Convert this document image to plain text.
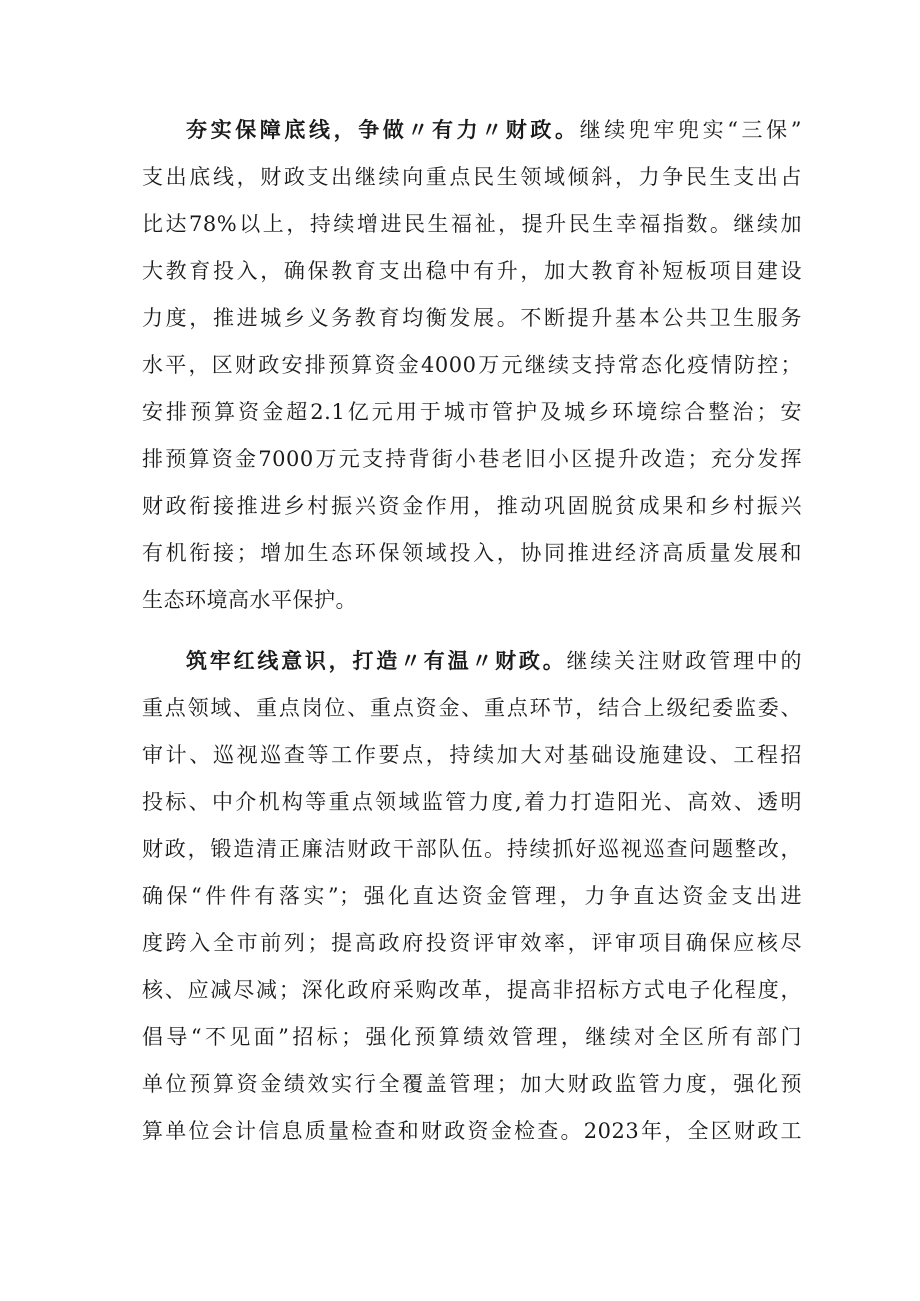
夯实保障底线，争做〃有力〃财政。继续兜牢兜实“三保”
支出底线，财政支出继续向重点民生领域倾斜，力争民生支出占
比达78%以上，持续增进民生福祉，提升民生幸福指数。继续加
大教育投入，确保教育支出稳中有升，加大教育补短板项目建设
力度，推进城乡义务教育均衡发展。不断提升基本公共卫生服务
水平，区财政安排预算资金4000万元继续支持常态化疫情防控；
安排预算资金超2.1亿元用于城市管护及城乡环境综合整治；安
排预算资金7000万元支持背街小巷老旧小区提升改造；充分发挥
财政衔接推进乡村振兴资金作用，推动巩固脱贫成果和乡村振兴
有机衔接；增加生态环保领域投入，协同推进经济高质量发展和
生态环境高水平保护。
筑牢红线意识，打造〃有温〃财政。继续关注财政管理中的
重点领域、重点岗位、重点资金、重点环节，结合上级纪委监委、
审计、巡视巡查等工作要点，持续加大对基础设施建设、工程招
投标、中介机构等重点领域监管力度,着力打造阳光、高效、透明
财政，锻造清正廉洁财政干部队伍。持续抓好巡视巡查问题整改，
确保“件件有落实”；强化直达资金管理，力争直达资金支出进
度跨入全市前列；提高政府投资评审效率，评审项目确保应核尽
核、应减尽减；深化政府采购改革，提高非招标方式电子化程度，
倡导“不见面”招标；强化预算绩效管理，继续对全区所有部门
单位预算资金绩效实行全覆盖管理；加大财政监管力度，强化预
算单位会计信息质量检查和财政资金检查。2023年，全区财政工
